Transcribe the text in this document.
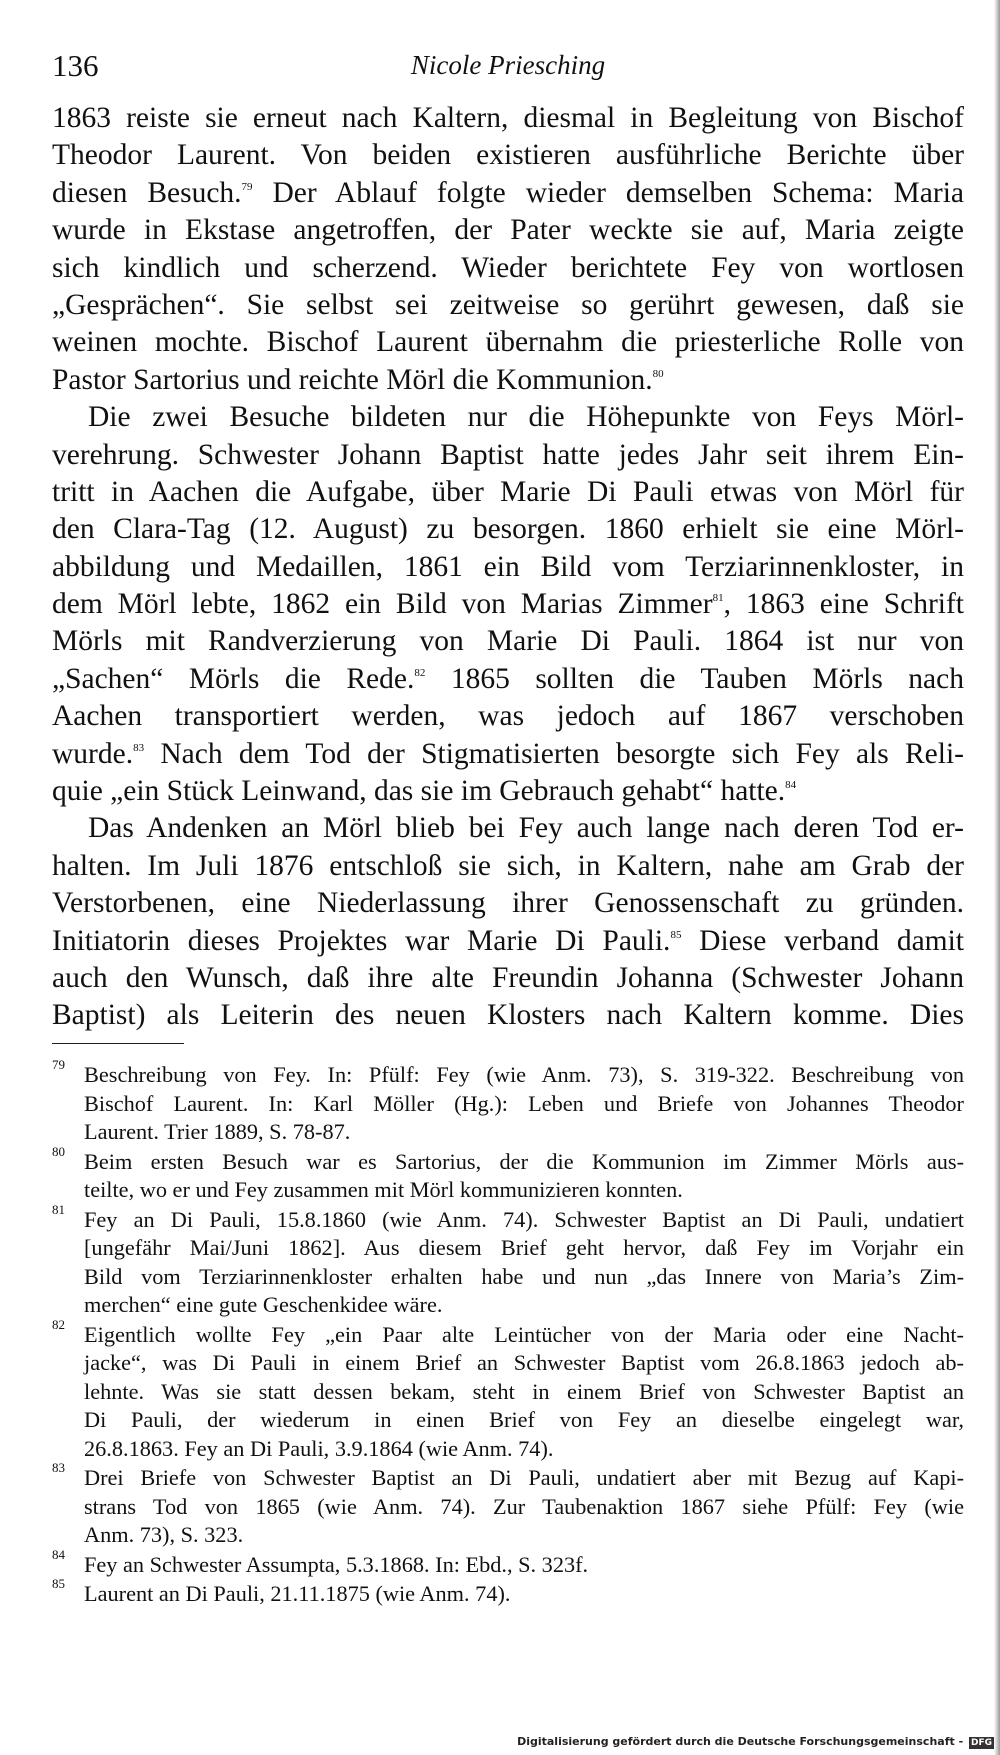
136	Nicole Priesching
1863 reiste sie erneut nach Kaltern, diesmal in Begleitung von Bischof
Theodor Laurent. Von beiden existieren ausführliche Berichte über
diesen Besuch.$^{79}$ Der Ablauf folgte wieder demselben Schema: Maria
wurde in Ekstase angetroffen, der Pater weckte sie auf, Maria zeigte
sich kindlich und scherzend. Wieder berichtete Fey von wortlosen
„Gesprächen“. Sie selbst sei zeitweise so gerührt gewesen, daß sie
weinen mochte. Bischof Laurent übernahm die priesterliche Rolle von
Pastor Sartorius und reichte Mörl die Kommunion.$^{80}$
Die zwei Besuche bildeten nur die Höhepunkte von Feys Mörl-
verehrung. Schwester Johann Baptist hatte jedes Jahr seit ihrem Ein-
tritt in Aachen die Aufgabe, über Marie Di Pauli etwas von Mörl für
den Clara-Tag (12. August) zu besorgen. 1860 erhielt sie eine Mörl-
abbildung und Medaillen, 1861 ein Bild vom Terziarinnenkloster, in
dem Mörl lebte, 1862 ein Bild von Marias Zimmer$^{81}$, 1863 eine Schrift
Mörls mit Randverzierung von Marie Di Pauli. 1864 ist nur von
„Sachen“ Mörls die Rede.$^{82}$ 1865 sollten die Tauben Mörls nach
Aachen transportiert werden, was jedoch auf 1867 verschoben
wurde.$^{83}$ Nach dem Tod der Stigmatisierten besorgte sich Fey als Reli-
quie „ein Stück Leinwand, das sie im Gebrauch gehabt“ hatte.$^{84}$
Das Andenken an Mörl blieb bei Fey auch lange nach deren Tod er-
halten. Im Juli 1876 entschloß sie sich, in Kaltern, nahe am Grab der
Verstorbenen, eine Niederlassung ihrer Genossenschaft zu gründen.
Initiatorin dieses Projektes war Marie Di Pauli.$^{85}$ Diese verband damit
auch den Wunsch, daß ihre alte Freundin Johanna (Schwester Johann
Baptist) als Leiterin des neuen Klosters nach Kaltern komme. Dies
79 Beschreibung von Fey. In: Pfülf: Fey (wie Anm. 73), S. 319-322. Beschreibung von
Bischof Laurent. In: Karl Möller (Hg.): Leben und Briefe von Johannes Theodor
Laurent. Trier 1889, S. 78-87.
80 Beim ersten Besuch war es Sartorius, der die Kommunion im Zimmer Mörls aus-
teilte, wo er und Fey zusammen mit Mörl kommunizieren konnten.
81 Fey an Di Pauli, 15.8.1860 (wie Anm. 74). Schwester Baptist an Di Pauli, undatiert
[ungefähr Mai/Juni 1862]. Aus diesem Brief geht hervor, daß Fey im Vorjahr ein
Bild vom Terziarinnenkloster erhalten habe und nun „das Innere von Maria’s Zim-
merchen“ eine gute Geschenkidee wäre.
82 Eigentlich wollte Fey „ein Paar alte Leintücher von der Maria oder eine Nacht-
jacke“, was Di Pauli in einem Brief an Schwester Baptist vom 26.8.1863 jedoch ab-
lehnte. Was sie statt dessen bekam, steht in einem Brief von Schwester Baptist an
Di Pauli, der wiederum in einen Brief von Fey an dieselbe eingelegt war,
26.8.1863. Fey an Di Pauli, 3.9.1864 (wie Anm. 74).
83 Drei Briefe von Schwester Baptist an Di Pauli, undatiert aber mit Bezug auf Kapi-
strans Tod von 1865 (wie Anm. 74). Zur Taubenaktion 1867 siehe Pfülf: Fey (wie
Anm. 73), S. 323.
84 Fey an Schwester Assumpta, 5.3.1868. In: Ebd., S. 323f.
85 Laurent an Di Pauli, 21.11.1875 (wie Anm. 74).
Digitalisierung gefördert durch die Deutsche Forschungsgemeinschaft - DFG
